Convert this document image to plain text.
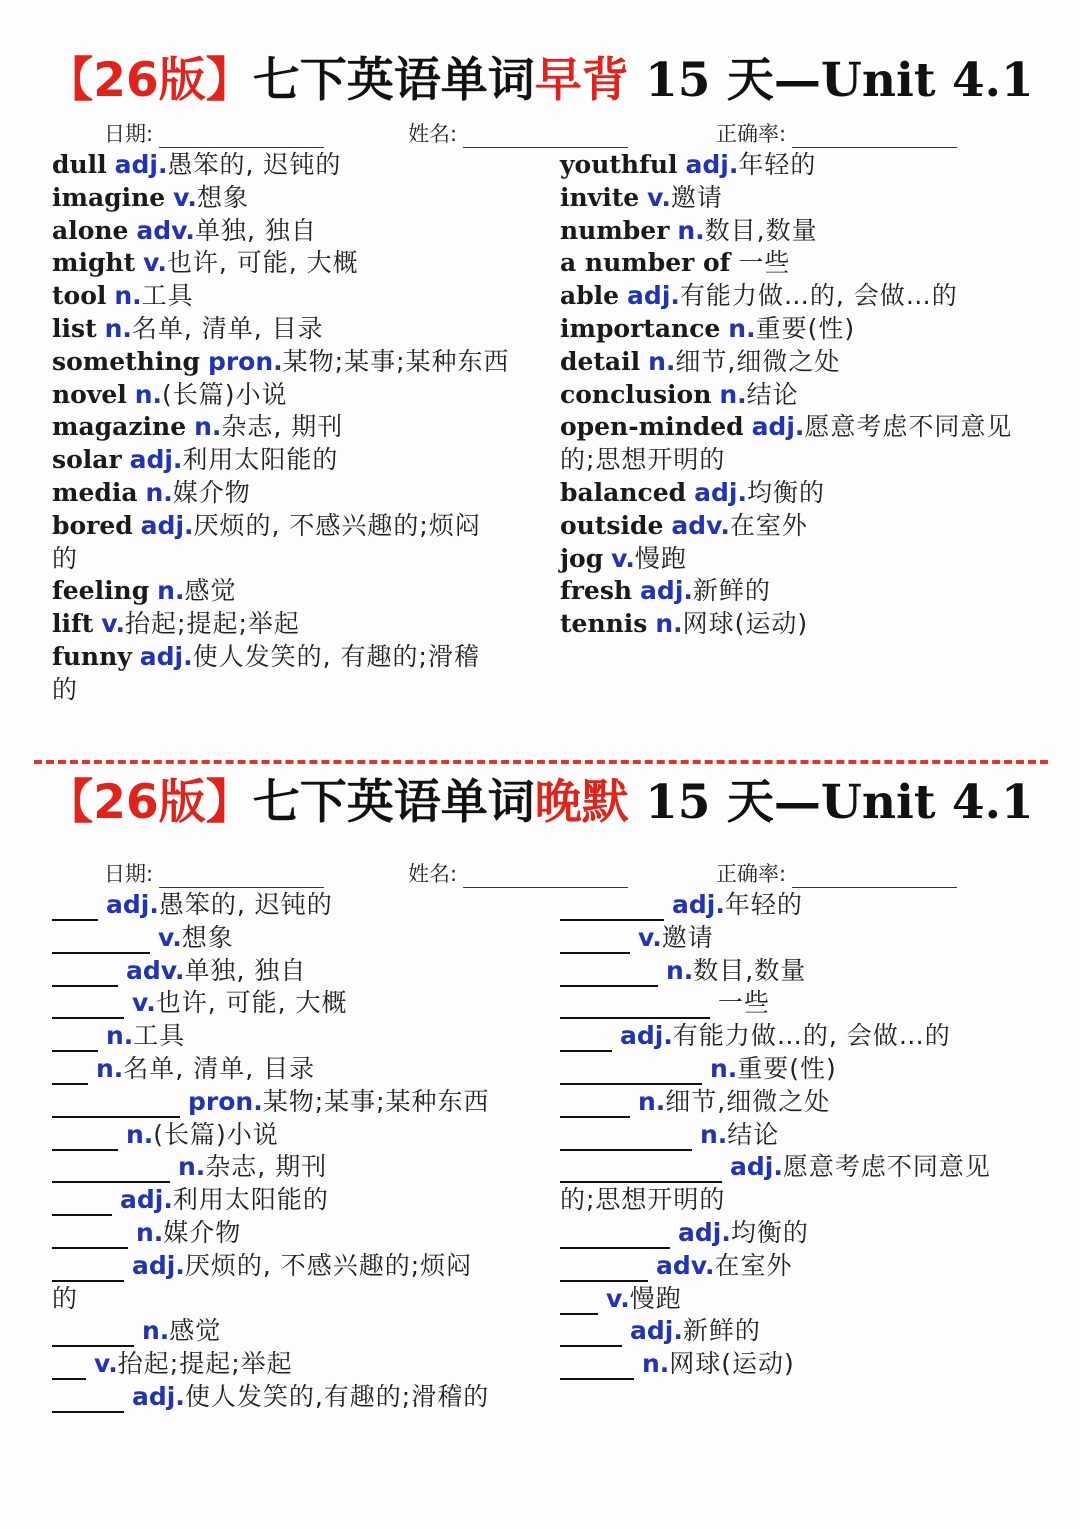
【26版】七下英语单词早背 15 天—Unit 4.1
日期:	姓名:	正确率:
dull adj.愚笨的, 迟钝的
imagine v.想象
alone adv.单独, 独自
might v.也许, 可能, 大概
tool n.工具
list n.名单, 清单, 目录
something pron.某物;某事;某种东西
novel n.(长篇)小说
magazine n.杂志, 期刊
solar adj.利用太阳能的
media n.媒介物
bored adj.厌烦的, 不感兴趣的;烦闷
的
feeling n.感觉
lift v.抬起;提起;举起
funny adj.使人发笑的, 有趣的;滑稽
的
youthful adj.年轻的
invite v.邀请
number n.数目,数量
a number of 一些
able adj.有能力做…的, 会做…的
importance n.重要(性)
detail n.细节,细微之处
conclusion n.结论
open-minded adj.愿意考虑不同意见
的;思想开明的
balanced adj.均衡的
outside adv.在室外
jog v.慢跑
fresh adj.新鲜的
tennis n.网球(运动)
【26版】七下英语单词晚默 15 天—Unit 4.1
日期:	姓名:	正确率:
adj.愚笨的, 迟钝的
v.想象
adv.单独, 独自
v.也许, 可能, 大概
n.工具
n.名单, 清单, 目录
pron.某物;某事;某种东西
n.(长篇)小说
n.杂志, 期刊
adj.利用太阳能的
n.媒介物
adj.厌烦的, 不感兴趣的;烦闷
的
n.感觉
v.抬起;提起;举起
adj.使人发笑的,有趣的;滑稽的
adj.年轻的
v.邀请
n.数目,数量
一些
adj.有能力做…的, 会做…的
n.重要(性)
n.细节,细微之处
n.结论
adj.愿意考虑不同意见
的;思想开明的
adj.均衡的
adv.在室外
v.慢跑
adj.新鲜的
n.网球(运动)
